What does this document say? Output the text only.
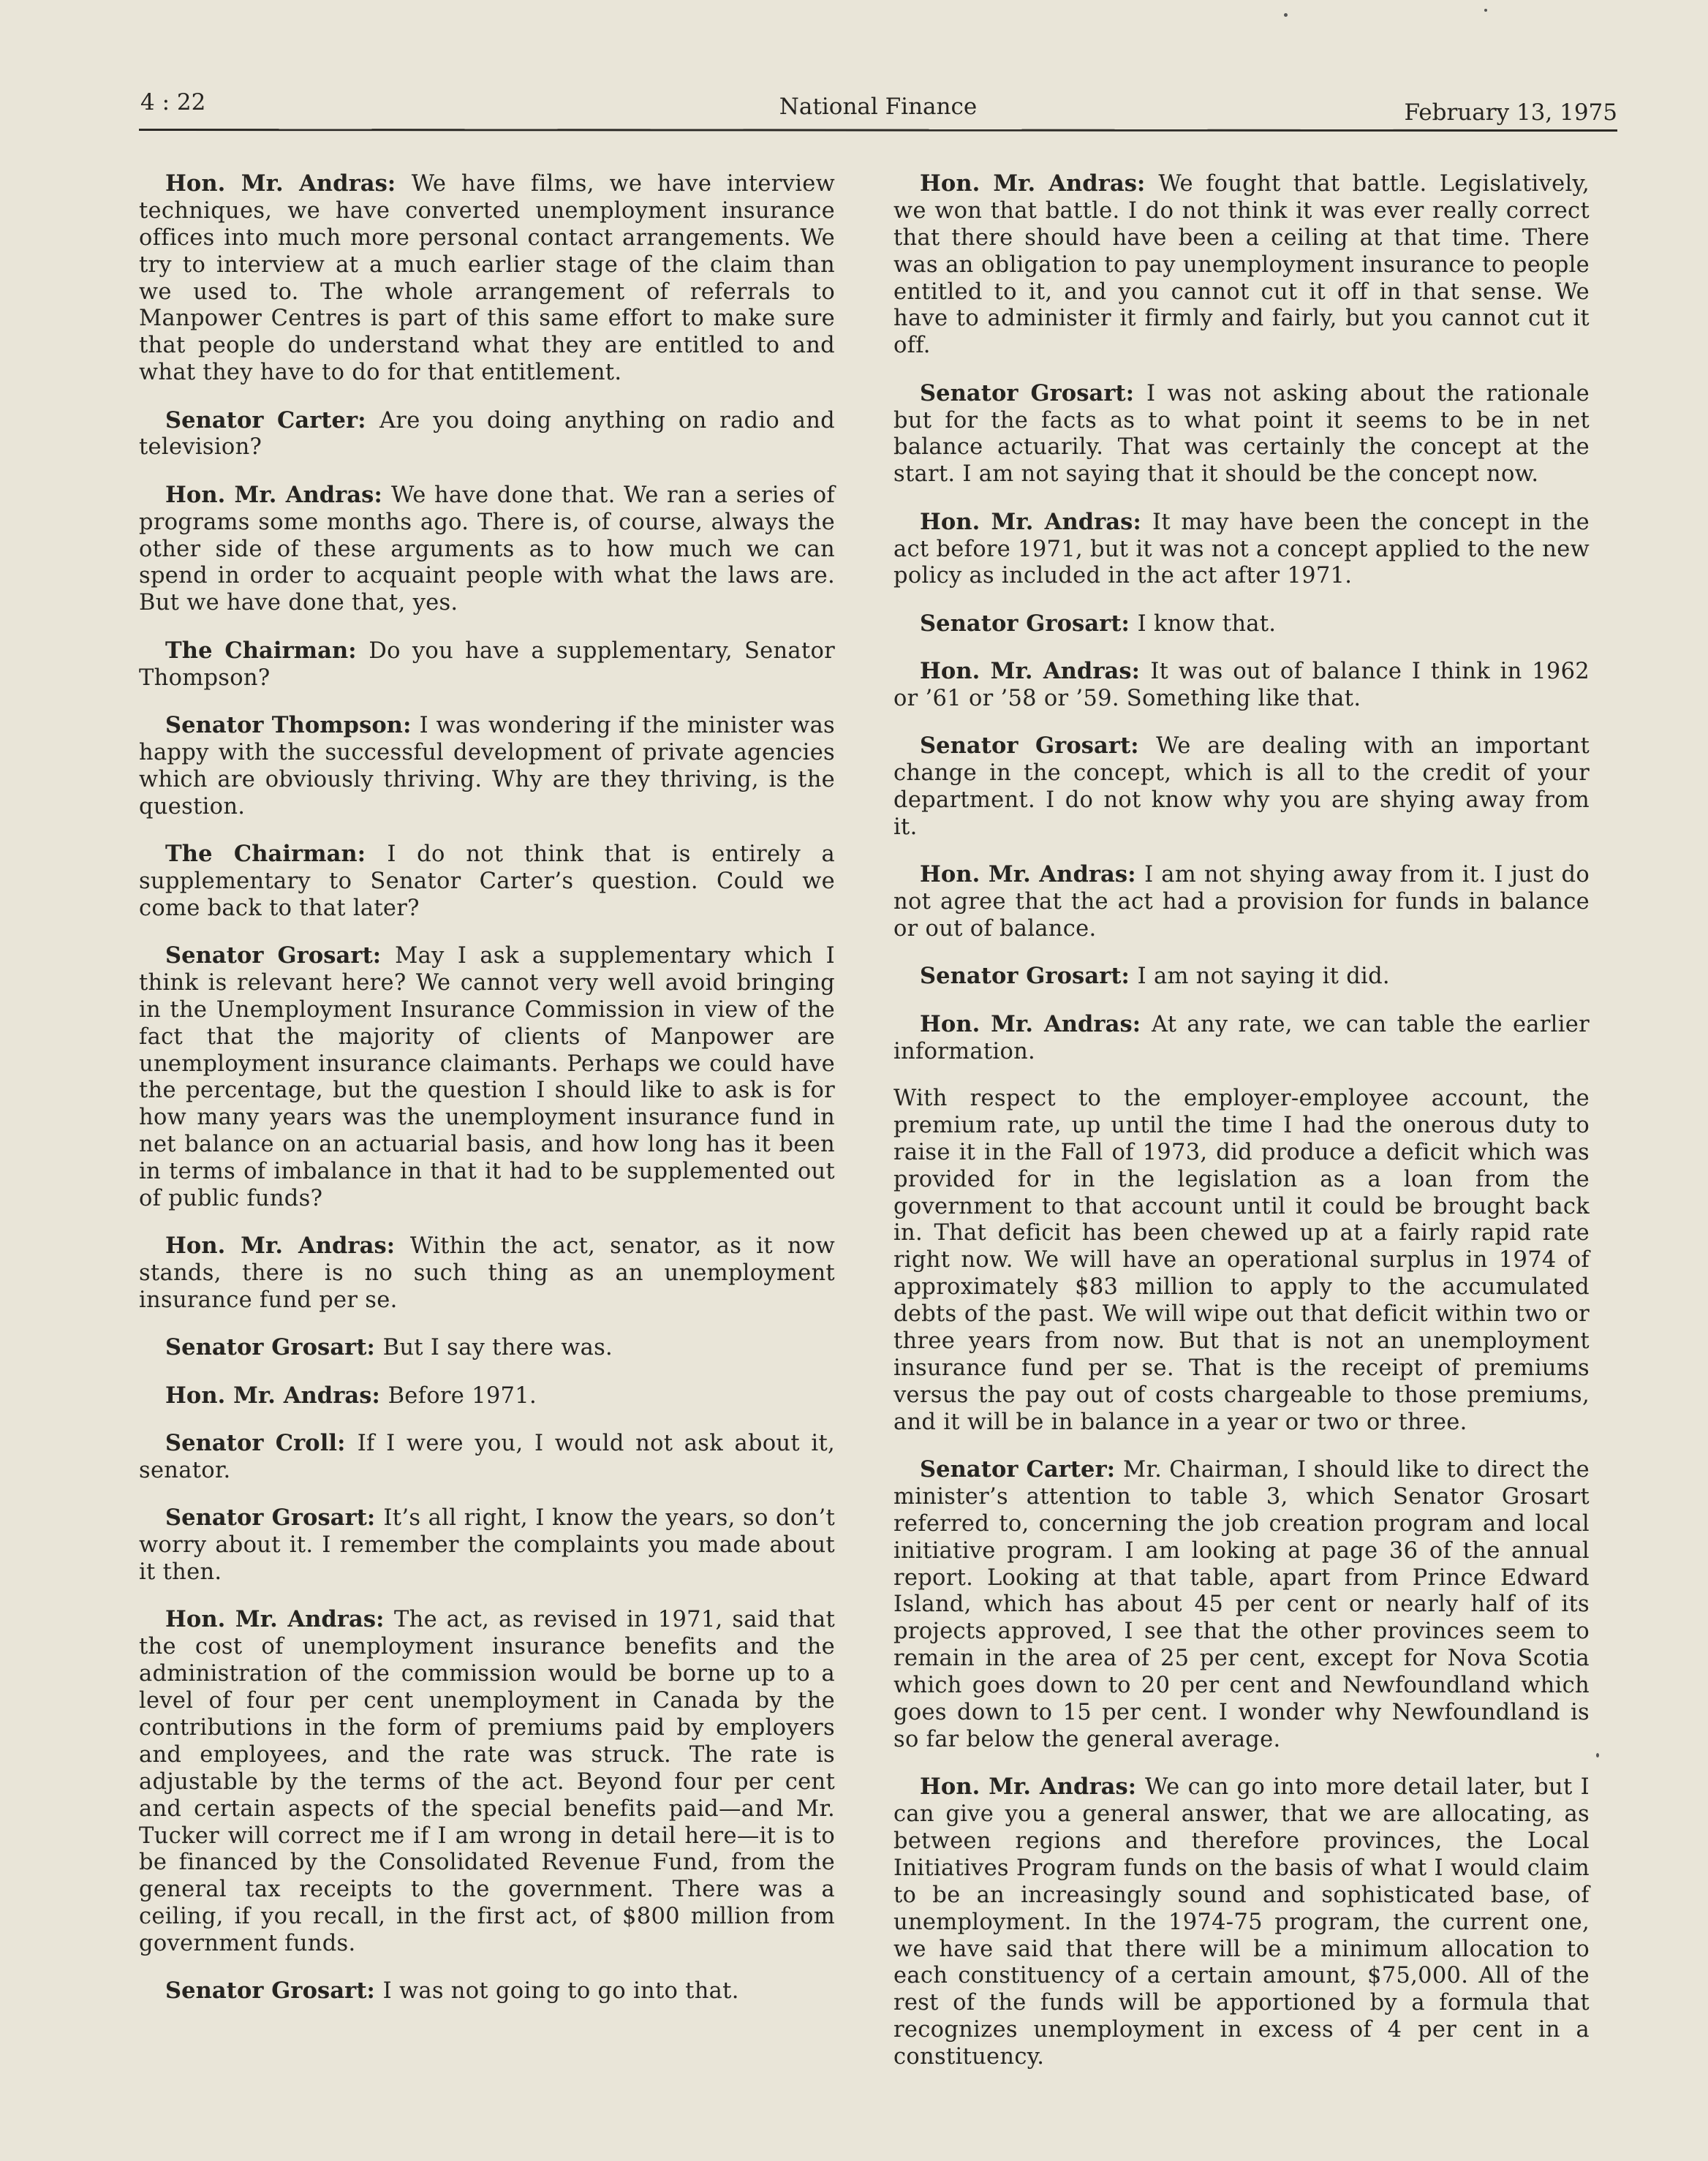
4 : 22	National Finance	February 13, 1975

Hon. Mr. Andras: We have films, we have interview techniques, we have converted unemployment insurance offices into much more personal contact arrangements. We try to interview at a much earlier stage of the claim than we used to. The whole arrangement of referrals to Manpower Centres is part of this same effort to make sure that people do understand what they are entitled to and what they have to do for that entitlement.

Senator Carter: Are you doing anything on radio and television?

Hon. Mr. Andras: We have done that. We ran a series of programs some months ago. There is, of course, always the other side of these arguments as to how much we can spend in order to acquaint people with what the laws are. But we have done that, yes.

The Chairman: Do you have a supplementary, Senator Thompson?

Senator Thompson: I was wondering if the minister was happy with the successful development of private agencies which are obviously thriving. Why are they thriving, is the question.

The Chairman: I do not think that is entirely a supplementary to Senator Carter’s question. Could we come back to that later?

Senator Grosart: May I ask a supplementary which I think is relevant here? We cannot very well avoid bringing in the Unemployment Insurance Commission in view of the fact that the majority of clients of Manpower are unemployment insurance claimants. Perhaps we could have the percentage, but the question I should like to ask is for how many years was the unemployment insurance fund in net balance on an actuarial basis, and how long has it been in terms of imbalance in that it had to be supplemented out of public funds?

Hon. Mr. Andras: Within the act, senator, as it now stands, there is no such thing as an unemployment insurance fund per se.

Senator Grosart: But I say there was.

Hon. Mr. Andras: Before 1971.

Senator Croll: If I were you, I would not ask about it, senator.

Senator Grosart: It’s all right, I know the years, so don’t worry about it. I remember the complaints you made about it then.

Hon. Mr. Andras: The act, as revised in 1971, said that the cost of unemployment insurance benefits and the administration of the commission would be borne up to a level of four per cent unemployment in Canada by the contributions in the form of premiums paid by employers and employees, and the rate was struck. The rate is adjustable by the terms of the act. Beyond four per cent and certain aspects of the special benefits paid—and Mr. Tucker will correct me if I am wrong in detail here—it is to be financed by the Consolidated Revenue Fund, from the general tax receipts to the government. There was a ceiling, if you recall, in the first act, of $800 million from government funds.

Senator Grosart: I was not going to go into that.

Hon. Mr. Andras: We fought that battle. Legislatively, we won that battle. I do not think it was ever really correct that there should have been a ceiling at that time. There was an obligation to pay unemployment insurance to people entitled to it, and you cannot cut it off in that sense. We have to administer it firmly and fairly, but you cannot cut it off.

Senator Grosart: I was not asking about the rationale but for the facts as to what point it seems to be in net balance actuarily. That was certainly the concept at the start. I am not saying that it should be the concept now.

Hon. Mr. Andras: It may have been the concept in the act before 1971, but it was not a concept applied to the new policy as included in the act after 1971.

Senator Grosart: I know that.

Hon. Mr. Andras: It was out of balance I think in 1962 or ’61 or ’58 or ’59. Something like that.

Senator Grosart: We are dealing with an important change in the concept, which is all to the credit of your department. I do not know why you are shying away from it.

Hon. Mr. Andras: I am not shying away from it. I just do not agree that the act had a provision for funds in balance or out of balance.

Senator Grosart: I am not saying it did.

Hon. Mr. Andras: At any rate, we can table the earlier information.

With respect to the employer-employee account, the premium rate, up until the time I had the onerous duty to raise it in the Fall of 1973, did produce a deficit which was provided for in the legislation as a loan from the government to that account until it could be brought back in. That deficit has been chewed up at a fairly rapid rate right now. We will have an operational surplus in 1974 of approximately $83 million to apply to the accumulated debts of the past. We will wipe out that deficit within two or three years from now. But that is not an unemployment insurance fund per se. That is the receipt of premiums versus the pay out of costs chargeable to those premiums, and it will be in balance in a year or two or three.

Senator Carter: Mr. Chairman, I should like to direct the minister’s attention to table 3, which Senator Grosart referred to, concerning the job creation program and local initiative program. I am looking at page 36 of the annual report. Looking at that table, apart from Prince Edward Island, which has about 45 per cent or nearly half of its projects approved, I see that the other provinces seem to remain in the area of 25 per cent, except for Nova Scotia which goes down to 20 per cent and Newfoundland which goes down to 15 per cent. I wonder why Newfoundland is so far below the general average.

Hon. Mr. Andras: We can go into more detail later, but I can give you a general answer, that we are allocating, as between regions and therefore provinces, the Local Initiatives Program funds on the basis of what I would claim to be an increasingly sound and sophisticated base, of unemployment. In the 1974-75 program, the current one, we have said that there will be a minimum allocation to each constituency of a certain amount, $75,000. All of the rest of the funds will be apportioned by a formula that recognizes unemployment in excess of 4 per cent in a constituency.
